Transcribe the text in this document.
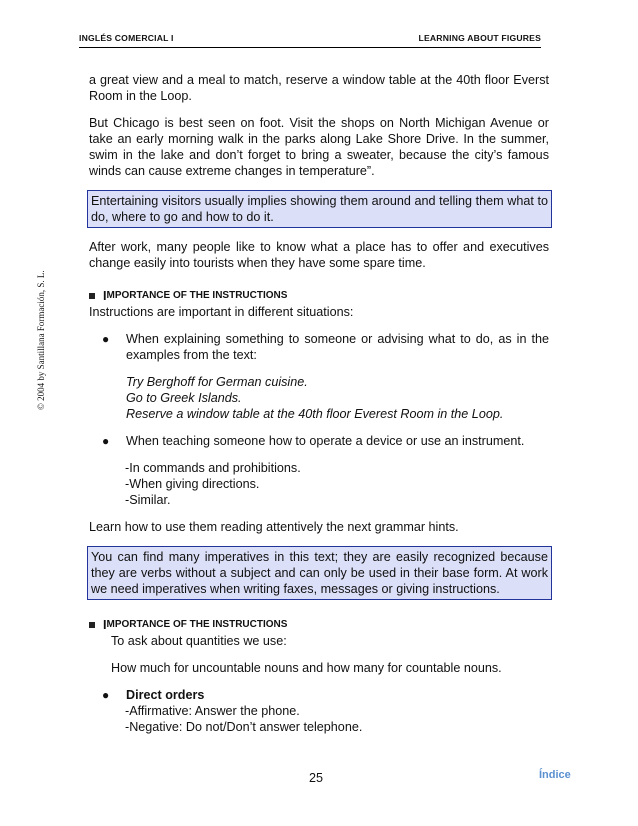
INGLÉS COMERCIAL I	LEARNING ABOUT FIGURES
© 2004 by Santillana Formación, S. L.

a great view and a meal to match, reserve a window table at the 40th floor Everst Room in the Loop.

But Chicago is best seen on foot. Visit the shops on North Michigan Avenue or take an early morning walk in the parks along Lake Shore Drive. In the summer, swim in the lake and don’t forget to bring a sweater, because the city’s famous winds can cause extreme changes in temperature”.

Entertaining visitors usually implies showing them around and telling them what to do, where to go and how to do it.

After work, many people like to know what a place has to offer and executives change easily into tourists when they have some spare time.

I MPORTANCE OF THE INSTRUCTIONS

Instructions are important in different situations:

●	When explaining something to someone or advising what to do, as in the examples from the text:
Try Berghoff for German cuisine.
Go to Greek Islands.
Reserve a window table at the 40th floor Everest Room in the Loop.
●	When teaching someone how to operate a device or use an instrument.
-In commands and prohibitions.
-When giving directions.
-Similar.

Learn how to use them reading attentively the next grammar hints.

You can find many imperatives in this text; they are easily recognized because they are verbs without a subject and can only be used in their base form. At work we need imperatives when writing faxes, messages or giving instructions.
I MPORTANCE OF THE INSTRUCTIONS
To ask about quantities we use:
How much for uncountable nouns and how many for countable nouns.
●	Direct orders
-Affirmative: Answer the phone.
-Negative: Do not/Don’t answer telephone.
25	Índice
